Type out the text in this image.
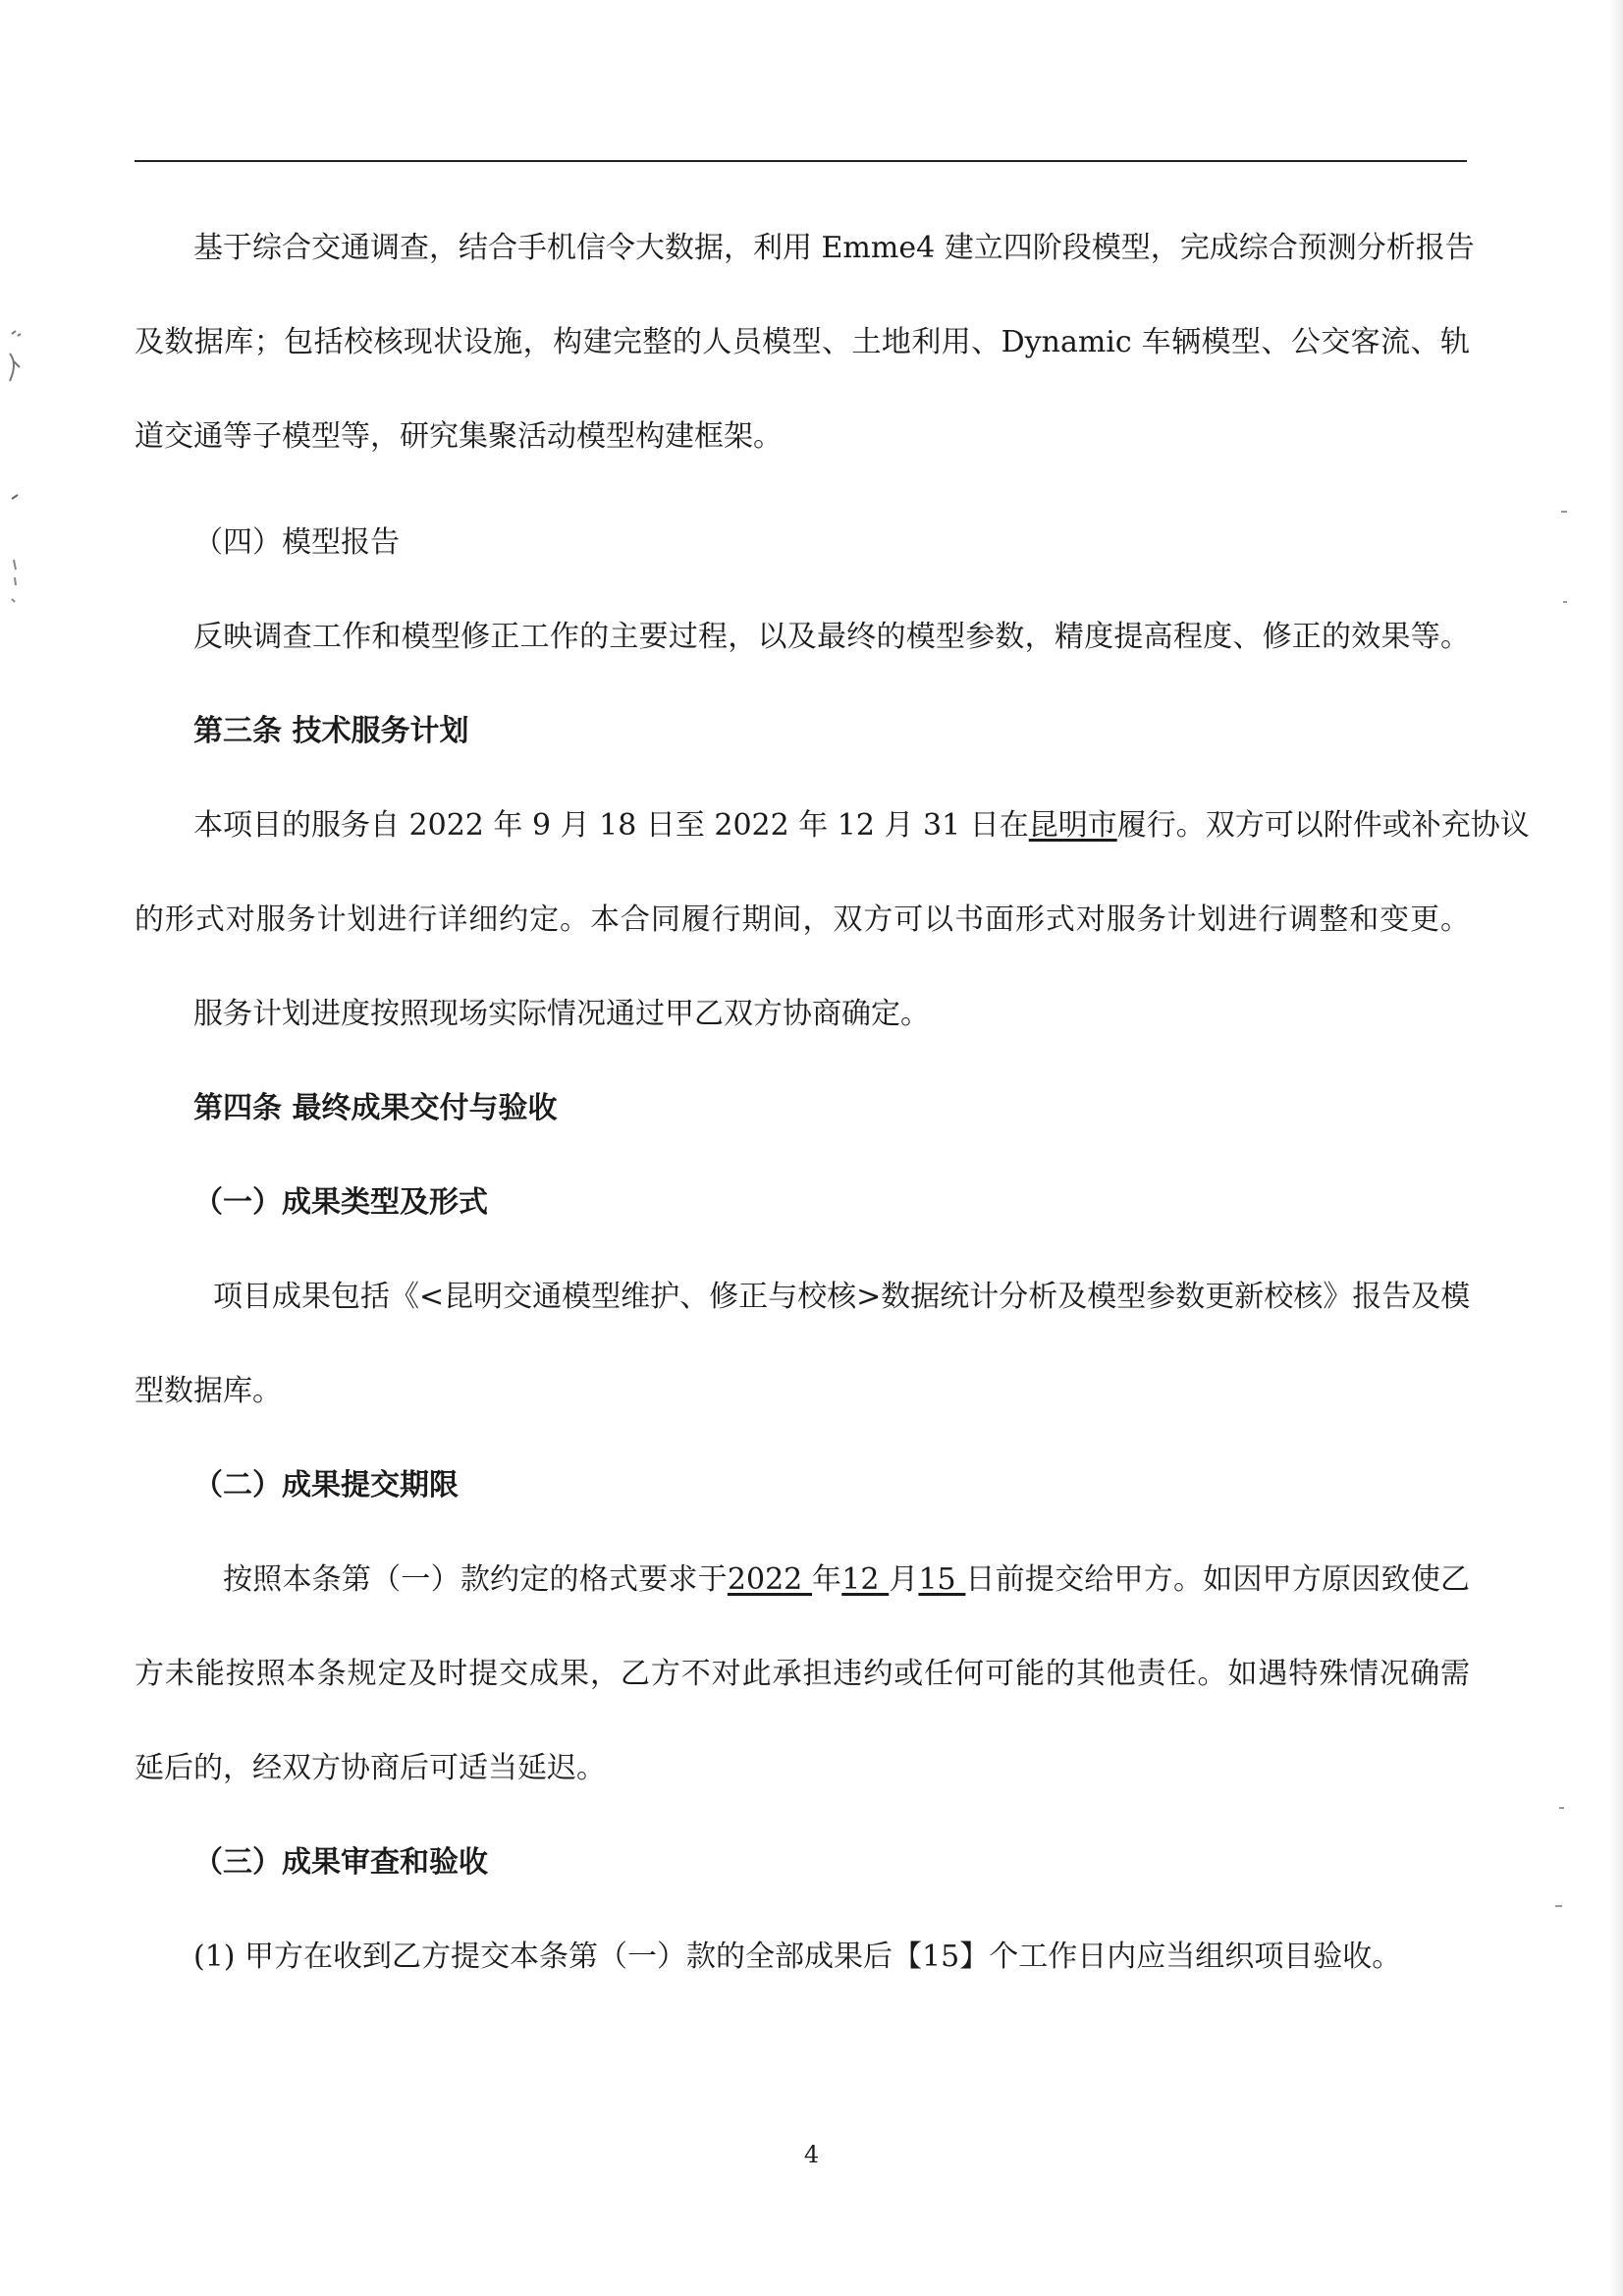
基于综合交通调查，结合手机信令大数据，利用 Emme4 建立四阶段模型，完成综合预测分析报告
及数据库；包括校核现状设施，构建完整的人员模型、土地利用、Dynamic 车辆模型、公交客流、轨
道交通等子模型等，研究集聚活动模型构建框架。
（四）模型报告
反映调查工作和模型修正工作的主要过程，以及最终的模型参数，精度提高程度、修正的效果等。
第三条 技术服务计划
本项目的服务自 2022 年 9 月 18 日至 2022 年 12 月 31 日在昆明市履行。双方可以附件或补充协议
的形式对服务计划进行详细约定。本合同履行期间，双方可以书面形式对服务计划进行调整和变更。
服务计划进度按照现场实际情况通过甲乙双方协商确定。
第四条 最终成果交付与验收
（一）成果类型及形式
项目成果包括《<昆明交通模型维护、修正与校核>数据统计分析及模型参数更新校核》报告及模
型数据库。
（二）成果提交期限
按照本条第（一）款约定的格式要求于2022 年12 月15 日前提交给甲方。如因甲方原因致使乙
方未能按照本条规定及时提交成果，乙方不对此承担违约或任何可能的其他责任。如遇特殊情况确需
延后的，经双方协商后可适当延迟。
（三）成果审查和验收
(1) 甲方在收到乙方提交本条第（一）款的全部成果后【15】个工作日内应当组织项目验收。
4
